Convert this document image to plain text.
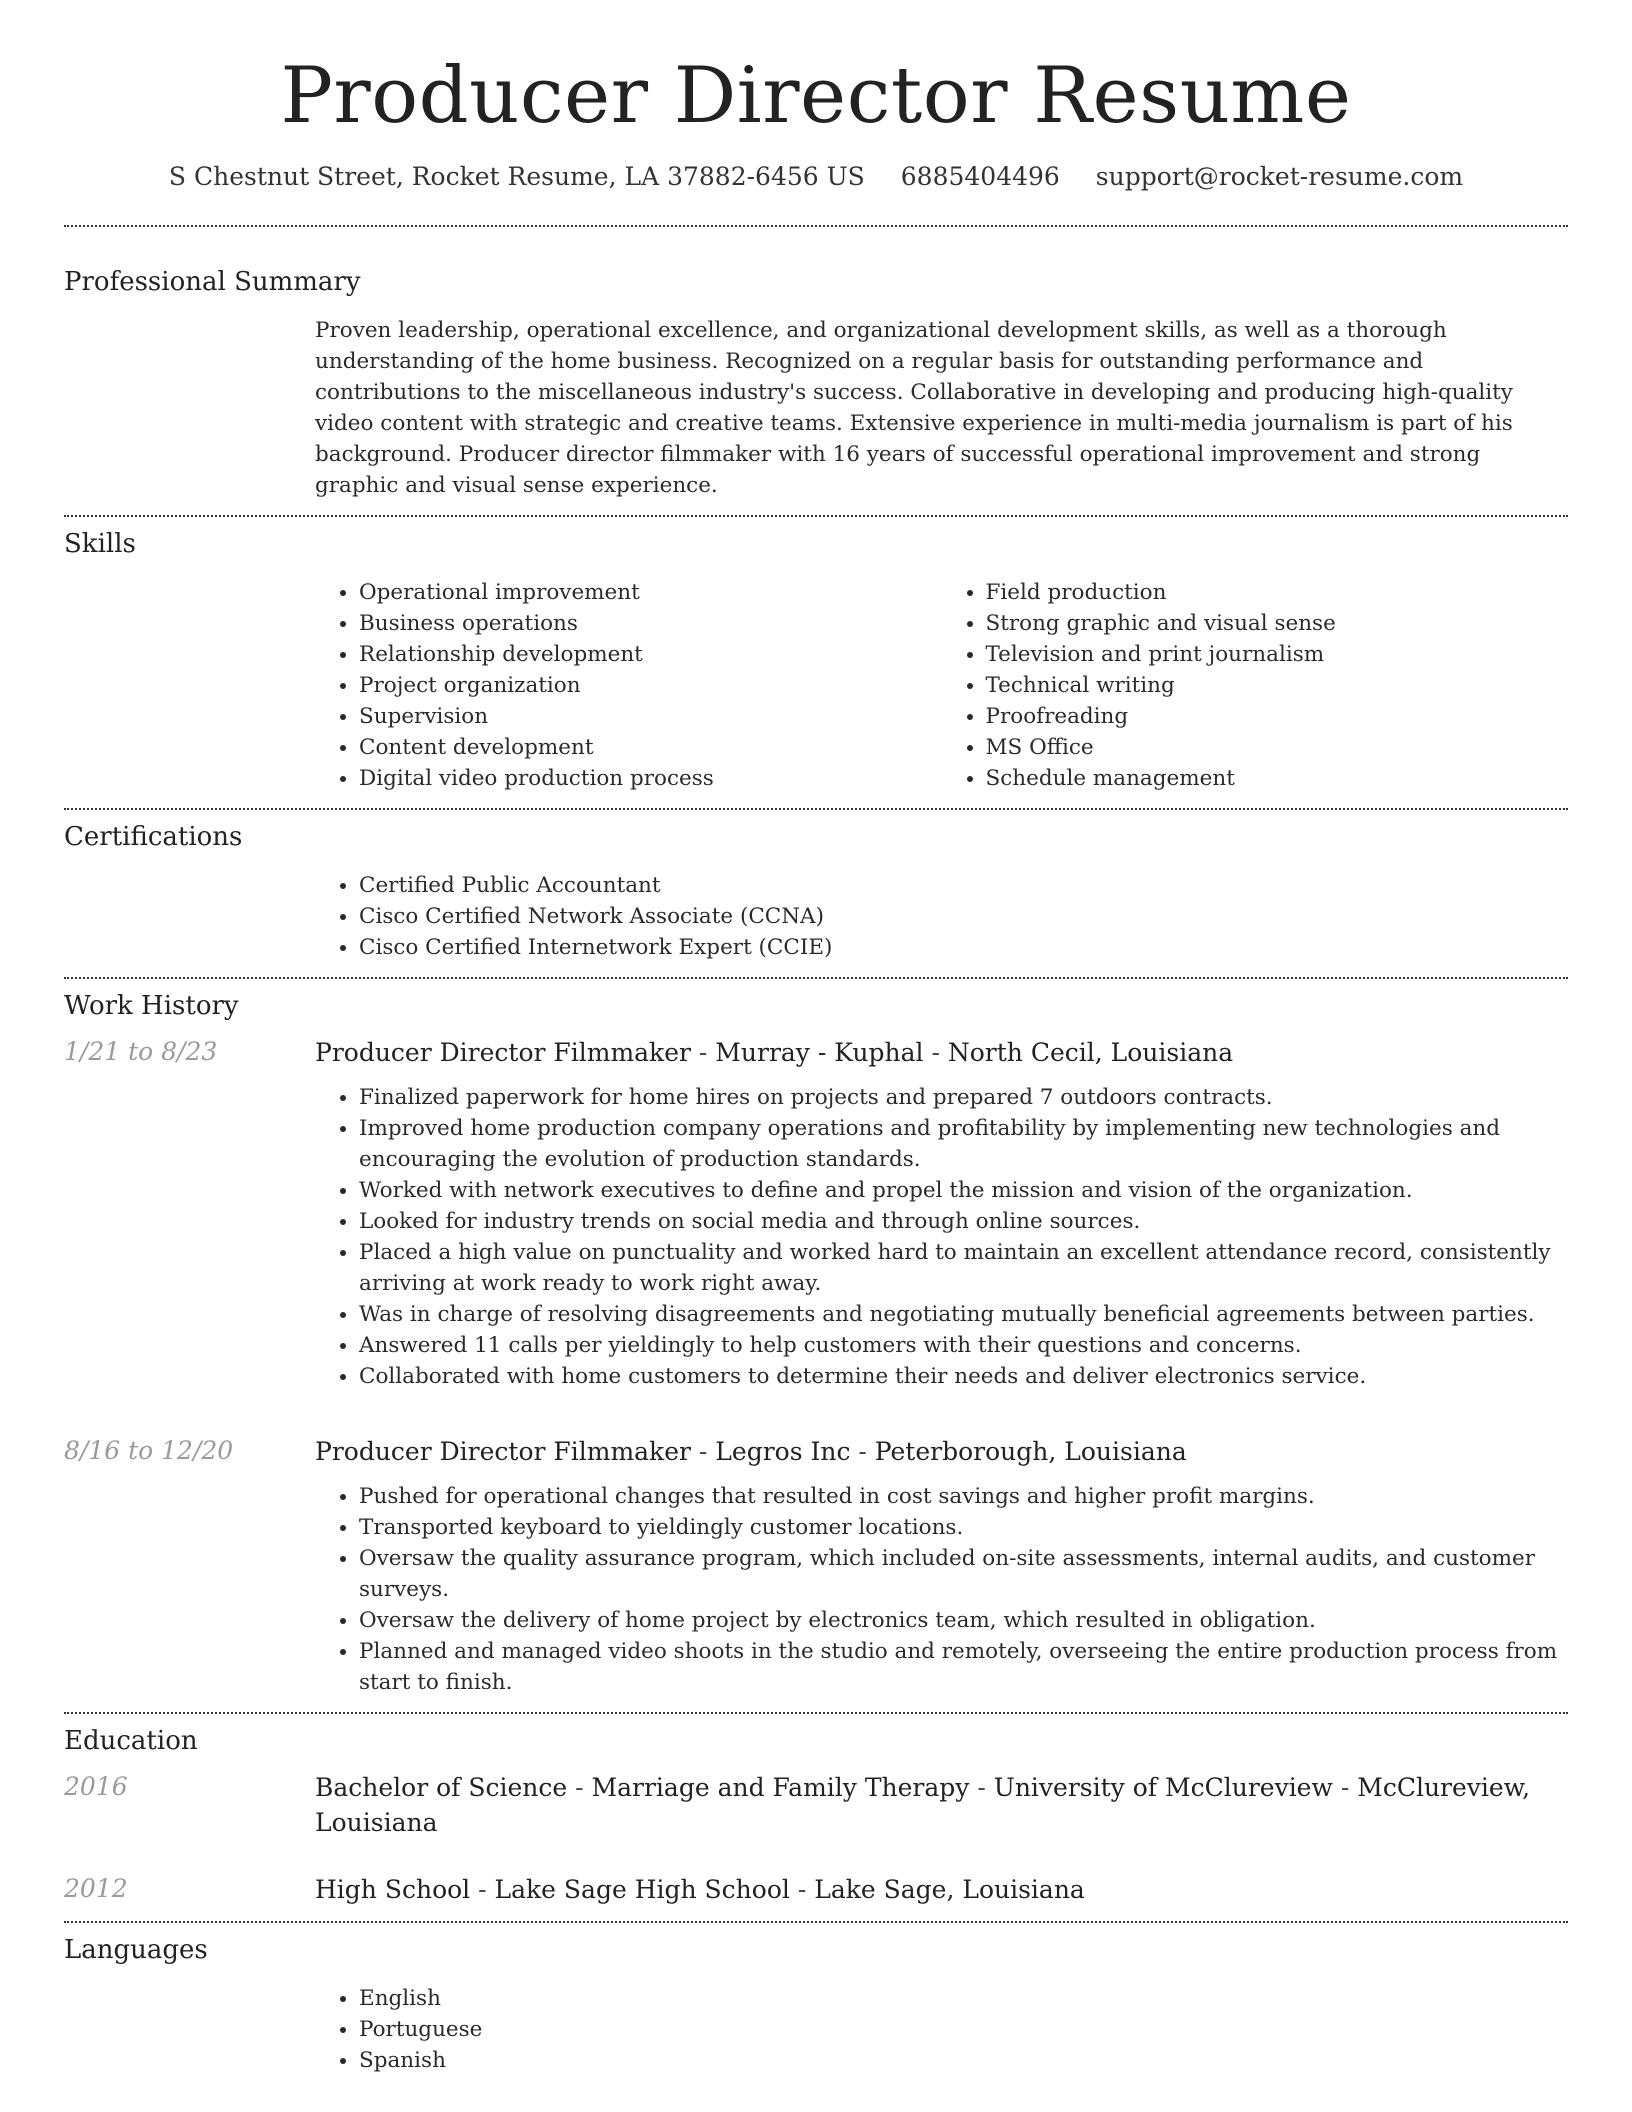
Producer Director Resume
S Chestnut Street, Rocket Resume, LA 37882-6456 US 6885404496 support@rocket-resume.com
Professional Summary
Proven leadership, operational excellence, and organizational development skills, as well as a thorough understanding of the home business. Recognized on a regular basis for outstanding performance and contributions to the miscellaneous industry's success. Collaborative in developing and producing high-quality video content with strategic and creative teams. Extensive experience in multi-media journalism is part of his background. Producer director filmmaker with 16 years of successful operational improvement and strong graphic and visual sense experience.
Skills
• Operational improvement
• Business operations
• Relationship development
• Project organization
• Supervision
• Content development
• Digital video production process
• Field production
• Strong graphic and visual sense
• Television and print journalism
• Technical writing
• Proofreading
• MS Office
• Schedule management
Certifications
• Certified Public Accountant
• Cisco Certified Network Associate (CCNA)
• Cisco Certified Internetwork Expert (CCIE)
Work History
1/21 to 8/23	Producer Director Filmmaker - Murray - Kuphal - North Cecil, Louisiana
• Finalized paperwork for home hires on projects and prepared 7 outdoors contracts.
• Improved home production company operations and profitability by implementing new technologies and encouraging the evolution of production standards.
• Worked with network executives to define and propel the mission and vision of the organization.
• Looked for industry trends on social media and through online sources.
• Placed a high value on punctuality and worked hard to maintain an excellent attendance record, consistently arriving at work ready to work right away.
• Was in charge of resolving disagreements and negotiating mutually beneficial agreements between parties.
• Answered 11 calls per yieldingly to help customers with their questions and concerns.
• Collaborated with home customers to determine their needs and deliver electronics service.
8/16 to 12/20	Producer Director Filmmaker - Legros Inc - Peterborough, Louisiana
• Pushed for operational changes that resulted in cost savings and higher profit margins.
• Transported keyboard to yieldingly customer locations.
• Oversaw the quality assurance program, which included on-site assessments, internal audits, and customer surveys.
• Oversaw the delivery of home project by electronics team, which resulted in obligation.
• Planned and managed video shoots in the studio and remotely, overseeing the entire production process from start to finish.
Education
2016	Bachelor of Science - Marriage and Family Therapy - University of McClureview - McClureview, Louisiana
2012	High School - Lake Sage High School - Lake Sage, Louisiana
Languages
• English
• Portuguese
• Spanish
